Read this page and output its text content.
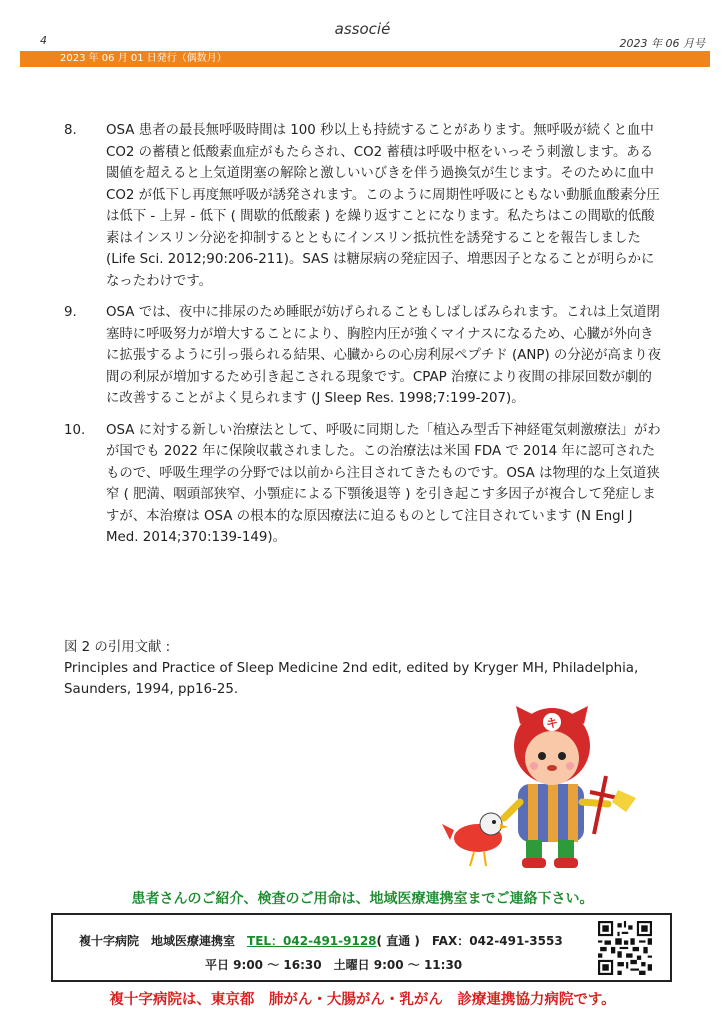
associé
4	2023 年 06 月号
2023 年 06 月 01 日発行（偶数月）
8.	OSA 患者の最長無呼吸時間は 100 秒以上も持続することがあります。無呼吸が続くと血中 CO2 の蓄積と低酸素血症がもたらされ、CO2 蓄積は呼吸中枢をいっそう刺激します。ある閾値を超えると上気道閉塞の解除と激しいいびきを伴う過換気が生じます。そのために血中 CO2 が低下し再度無呼吸が誘発されます。このように周期性呼吸にともない動脈血酸素分圧は低下 - 上昇 - 低下 ( 間歇的低酸素 ) を繰り返すことになります。私たちはこの間歇的低酸素はインスリン分泌を抑制するとともにインスリン抵抗性を誘発することを報告しました (Life Sci. 2012;90:206-211)。SAS は糖尿病の発症因子、増悪因子となることが明らかになったわけです。
9.	OSA では、夜中に排尿のため睡眠が妨げられることもしばしばみられます。これは上気道閉塞時に呼吸努力が増大することにより、胸腔内圧が強くマイナスになるため、心臓が外向きに拡張するように引っ張られる結果、心臓からの心房利尿ペプチド (ANP) の分泌が高まり夜間の利尿が増加するため引き起こされる現象です。CPAP 治療により夜間の排尿回数が劇的に改善することがよく見られます (J Sleep Res. 1998;7:199-207)。
10.	OSA に対する新しい治療法として、呼吸に同期した「植込み型舌下神経電気刺激療法」がわが国でも 2022 年に保険収載されました。この治療法は米国 FDA で 2014 年に認可されたもので、呼吸生理学の分野では以前から注目されてきたものです。OSA は物理的な上気道狭窄 ( 肥満、咽頭部狭窄、小顎症による下顎後退等 ) を引き起こす多因子が複合して発症しますが、本治療は OSA の根本的な原因療法に迫るものとして注目されています (N Engl J Med. 2014;370:139-149)。
図 2 の引用文献 :
Principles and Practice of Sleep Medicine 2nd edit, edited by Kryger MH, Philadelphia, Saunders, 1994, pp16-25.
キ
患者さんのご紹介、検査のご用命は、地域医療連携室までご連絡下さい。
複十字病院 地域医療連携室 TEL：042-491-9128( 直通 ) FAX：042-491-3553
平日 9:00 ～ 16:30　土曜日 9:00 ～ 11:30
複十字病院は、東京都　肺がん・大腸がん・乳がん　診療連携協力病院です。
